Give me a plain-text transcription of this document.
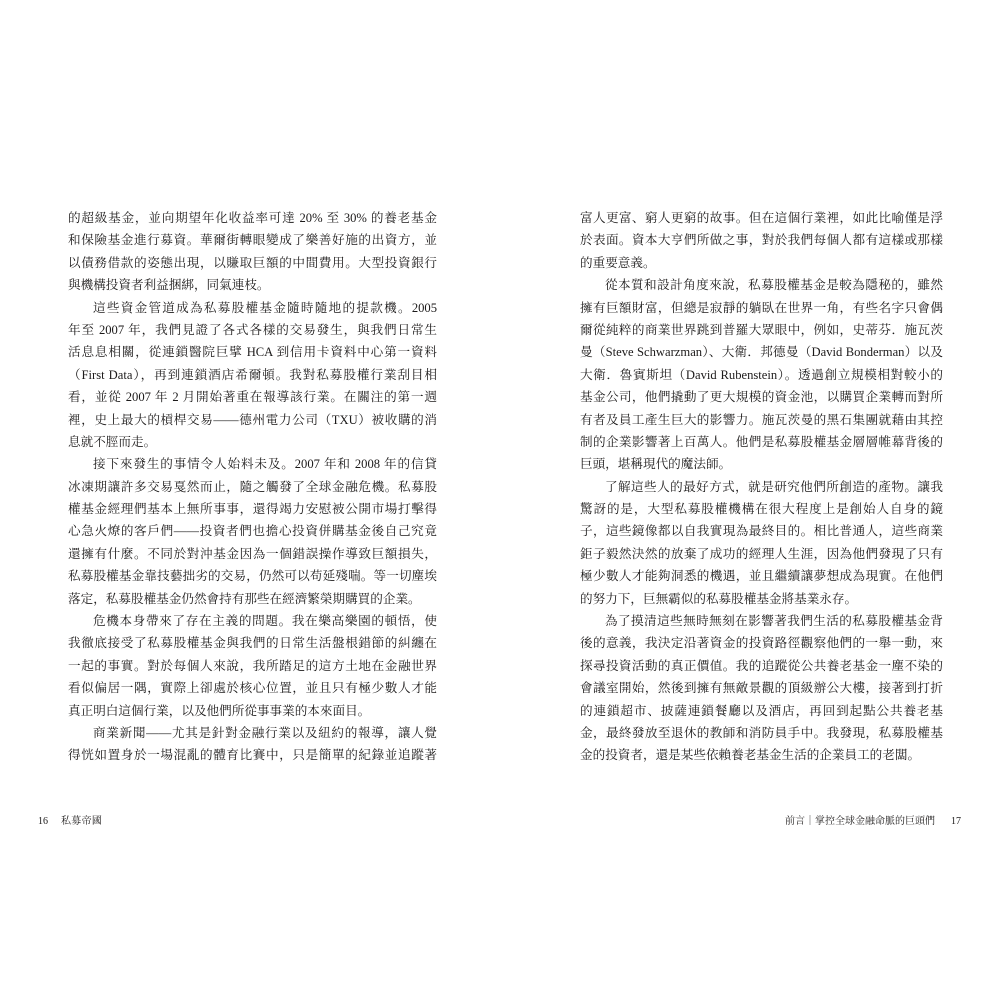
的超級基金，並向期望年化收益率可達 20% 至 30% 的養老基金
和保險基金進行募資。華爾街轉眼變成了樂善好施的出資方，並
以債務借款的姿態出現，以賺取巨額的中間費用。大型投資銀行
與機構投資者利益捆綁，同氣連枝。
這些資金管道成為私募股權基金隨時隨地的提款機。2005
年至 2007 年，我們見證了各式各樣的交易發生，與我們日常生
活息息相關，從連鎖醫院巨擘 HCA 到信用卡資料中心第一資料
（First Data），再到連鎖酒店希爾頓。我對私募股權行業刮目相
看，並從 2007 年 2 月開始著重在報導該行業。在關注的第一週
裡，史上最大的槓桿交易——德州電力公司（TXU）被收購的消
息就不脛而走。
接下來發生的事情令人始料未及。2007 年和 2008 年的信貸
冰凍期讓許多交易戛然而止，隨之觸發了全球金融危機。私募股
權基金經理們基本上無所事事，還得竭力安慰被公開市場打擊得
心急火燎的客戶們——投資者們也擔心投資併購基金後自己究竟
還擁有什麼。不同於對沖基金因為一個錯誤操作導致巨額損失，
私募股權基金靠技藝拙劣的交易，仍然可以苟延殘喘。等一切塵埃
落定，私募股權基金仍然會持有那些在經濟繁榮期購買的企業。
危機本身帶來了存在主義的問題。我在樂高樂園的頓悟，使
我徹底接受了私募股權基金與我們的日常生活盤根錯節的糾纏在
一起的事實。對於每個人來說，我所踏足的這方土地在金融世界
看似偏居一隅，實際上卻處於核心位置，並且只有極少數人才能
真正明白這個行業，以及他們所從事事業的本來面目。
商業新聞——尤其是針對金融行業以及紐約的報導，讓人覺
得恍如置身於一場混亂的體育比賽中，只是簡單的紀錄並追蹤著
16 私募帝國
富人更富、窮人更窮的故事。但在這個行業裡，如此比喻僅是浮
於表面。資本大亨們所做之事，對於我們每個人都有這樣或那樣
的重要意義。
從本質和設計角度來說，私募股權基金是較為隱秘的，雖然
擁有巨額財富，但總是寂靜的躺臥在世界一角，有些名字只會偶
爾從純粹的商業世界跳到普羅大眾眼中，例如，史蒂芬．施瓦茨
曼（Steve Schwarzman）、大衛．邦德曼（David Bonderman）以及
大衛．魯賓斯坦（David Rubenstein）。透過創立規模相對較小的
基金公司，他們撬動了更大規模的資金池，以購買企業轉而對所
有者及員工產生巨大的影響力。施瓦茨曼的黑石集團就藉由其控
制的企業影響著上百萬人。他們是私募股權基金層層帷幕背後的
巨頭，堪稱現代的魔法師。
了解這些人的最好方式，就是研究他們所創造的產物。讓我
驚訝的是，大型私募股權機構在很大程度上是創始人自身的鏡
子，這些鏡像都以自我實現為最終目的。相比普通人，這些商業
鉅子毅然決然的放棄了成功的經理人生涯，因為他們發現了只有
極少數人才能夠洞悉的機遇，並且繼續讓夢想成為現實。在他們
的努力下，巨無霸似的私募股權基金將基業永存。
為了摸清這些無時無刻在影響著我們生活的私募股權基金背
後的意義，我決定沿著資金的投資路徑觀察他們的一舉一動，來
探尋投資活動的真正價值。我的追蹤從公共養老基金一塵不染的
會議室開始，然後到擁有無敵景觀的頂級辦公大樓，接著到打折
的連鎖超市、披薩連鎖餐廳以及酒店，再回到起點公共養老基
金，最終發放至退休的教師和消防員手中。我發現，私募股權基
金的投資者，還是某些依賴養老基金生活的企業員工的老闆。
前言｜掌控全球金融命脈的巨頭們 17
